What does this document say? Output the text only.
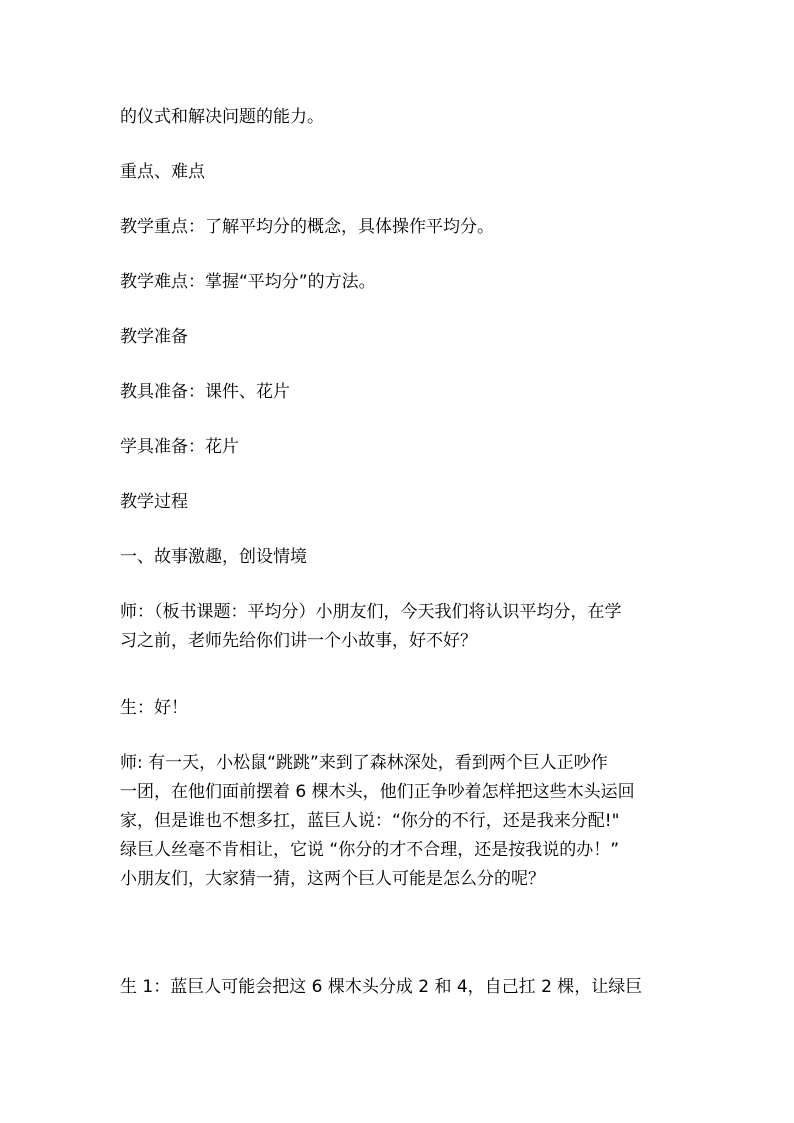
的仪式和解决问题的能力。

重点、难点

教学重点：了解平均分的概念，具体操作平均分。

教学难点：掌握“平均分”的方法。

教学准备

教具准备：课件、花片

学具准备：花片

教学过程

一、故事激趣，创设情境

师：（板书课题：平均分）小朋友们，今天我们将认识平均分，在学
习之前，老师先给你们讲一个小故事，好不好？

生：好！

师: 有一天，小松鼠“跳跳”来到了森林深处，看到两个巨人正吵作
一团，在他们面前摆着 6 棵木头，他们正争吵着怎样把这些木头运回
家，但是谁也不想多扛，蓝巨人说：“你分的不行，还是我来分配!"
绿巨人丝毫不肯相让，它说 “你分的才不合理，还是按我说的办！”
小朋友们，大家猜一猜，这两个巨人可能是怎么分的呢？

生 1：蓝巨人可能会把这 6 棵木头分成 2 和 4，自己扛 2 棵，让绿巨
